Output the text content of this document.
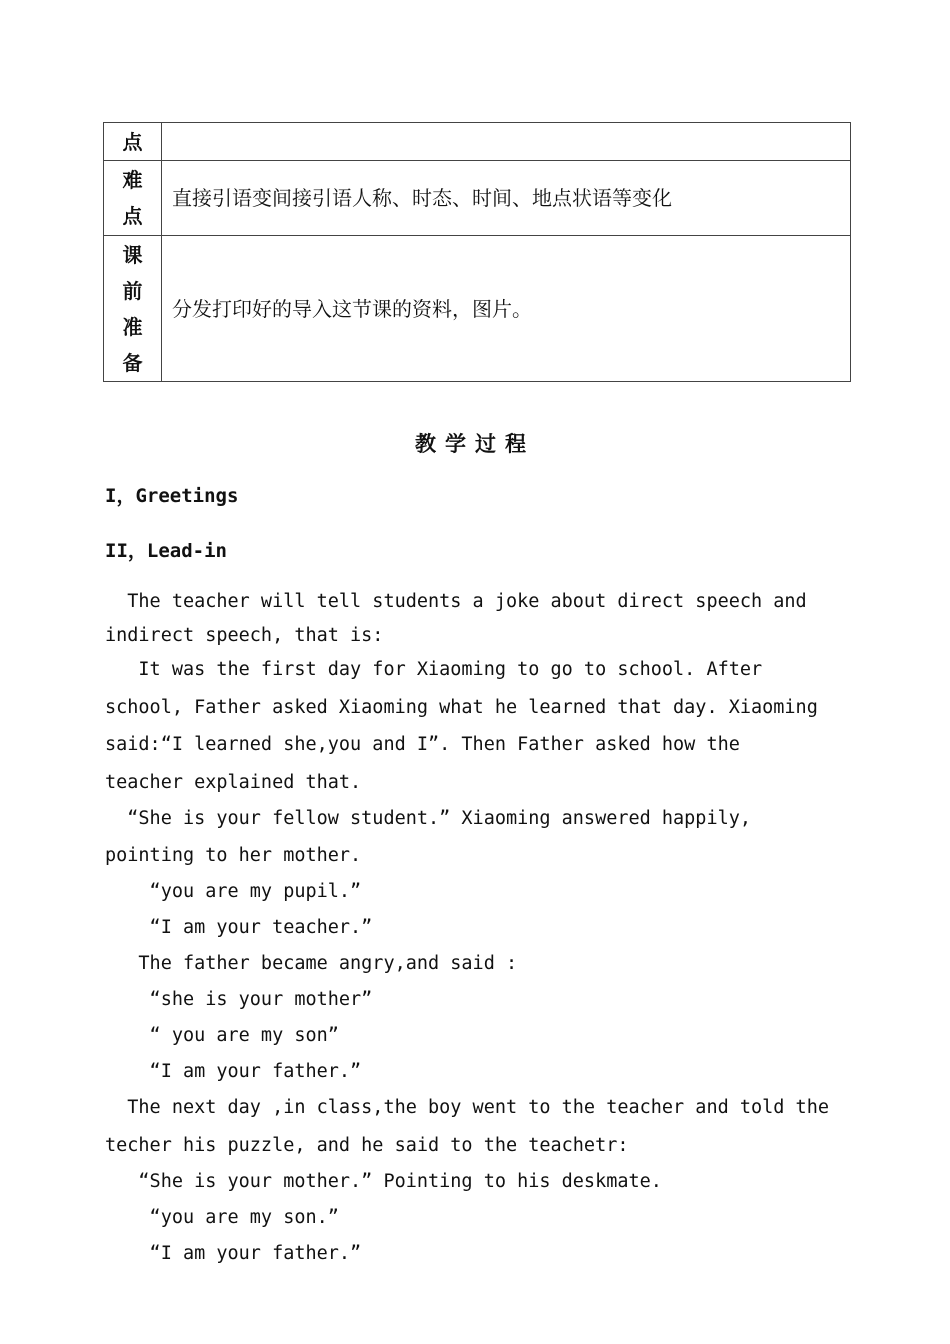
点	

难
点	直接引语变间接引语人称、时态、时间、地点状语等变化

课
前
准
备	分发打印好的导入这节课的资料，图片。
教学过程
I，Greetings
II，Lead-in
The teacher will tell students a joke about direct speech and
indirect speech, that is:
It was the first day for Xiaoming to go to school. After
school, Father asked Xiaoming what he learned that day. Xiaoming
said:“I learned she,you and I”. Then Father asked how the
teacher explained that.
“She is your fellow student.” Xiaoming answered happily,
pointing to her mother.
“you are my pupil.”
“I am your teacher.”
The father became angry,and said :
“she is your mother”
“ you are my son”
“I am your father.”
The next day ,in class,the boy went to the teacher and told the
techer his puzzle, and he said to the teachetr:
“She is your mother.” Pointing to his deskmate.
“you are my son.”
“I am your father.”
